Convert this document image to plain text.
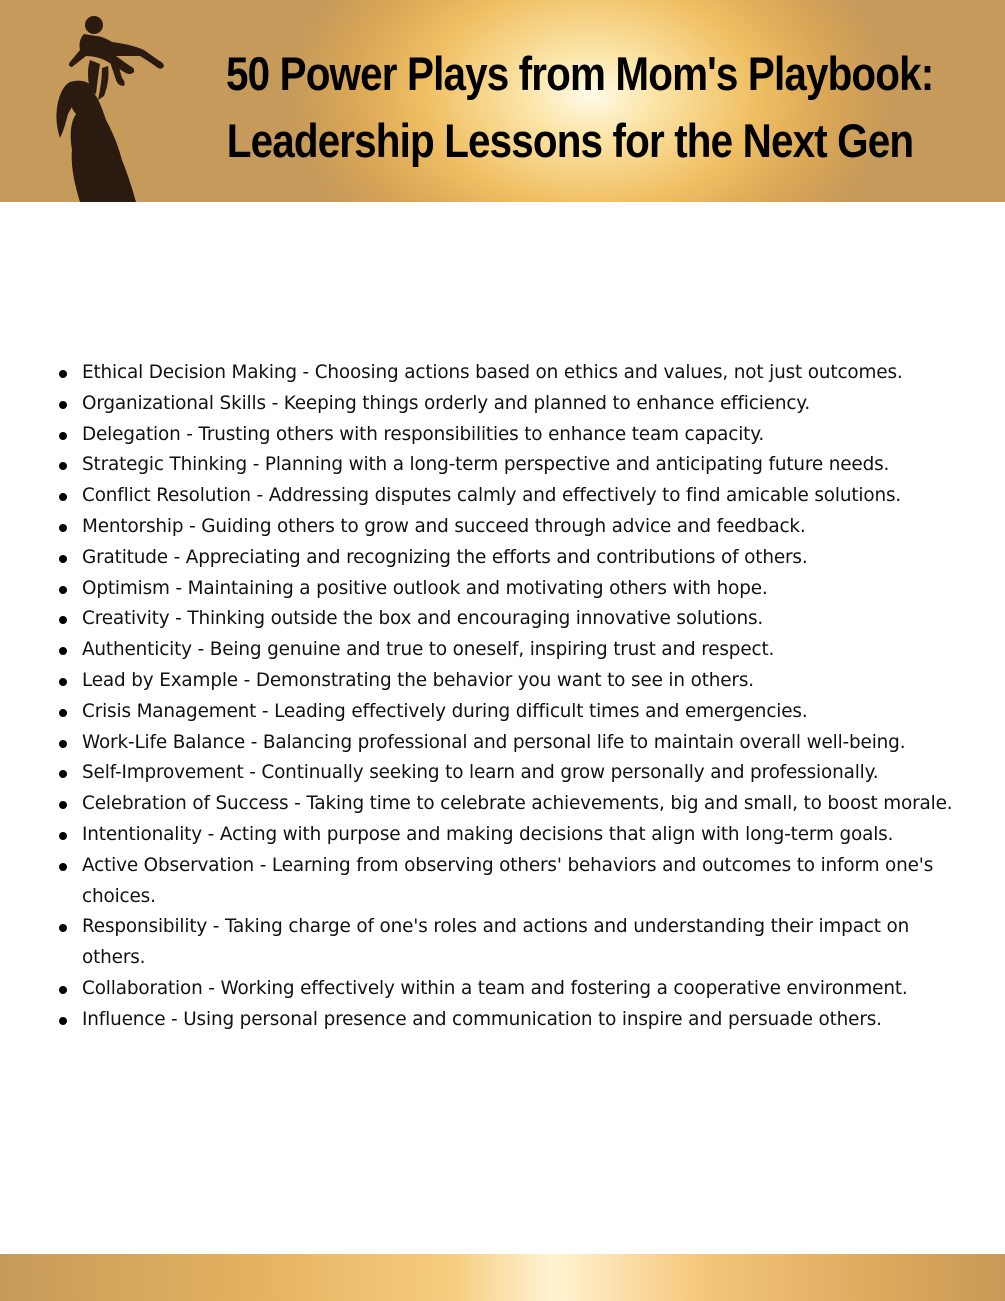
50 Power Plays from Mom's Playbook:
Leadership Lessons for the Next Gen
Ethical Decision Making - Choosing actions based on ethics and values, not just outcomes.
Organizational Skills - Keeping things orderly and planned to enhance efficiency.
Delegation - Trusting others with responsibilities to enhance team capacity.
Strategic Thinking - Planning with a long-term perspective and anticipating future needs.
Conflict Resolution - Addressing disputes calmly and effectively to find amicable solutions.
Mentorship - Guiding others to grow and succeed through advice and feedback.
Gratitude - Appreciating and recognizing the efforts and contributions of others.
Optimism - Maintaining a positive outlook and motivating others with hope.
Creativity - Thinking outside the box and encouraging innovative solutions.
Authenticity - Being genuine and true to oneself, inspiring trust and respect.
Lead by Example - Demonstrating the behavior you want to see in others.
Crisis Management - Leading effectively during difficult times and emergencies.
Work-Life Balance - Balancing professional and personal life to maintain overall well-being.
Self-Improvement - Continually seeking to learn and grow personally and professionally.
Celebration of Success - Taking time to celebrate achievements, big and small, to boost morale.
Intentionality - Acting with purpose and making decisions that align with long-term goals.
Active Observation - Learning from observing others' behaviors and outcomes to inform one's choices.
Responsibility - Taking charge of one's roles and actions and understanding their impact on others.
Collaboration - Working effectively within a team and fostering a cooperative environment.
Influence - Using personal presence and communication to inspire and persuade others.
